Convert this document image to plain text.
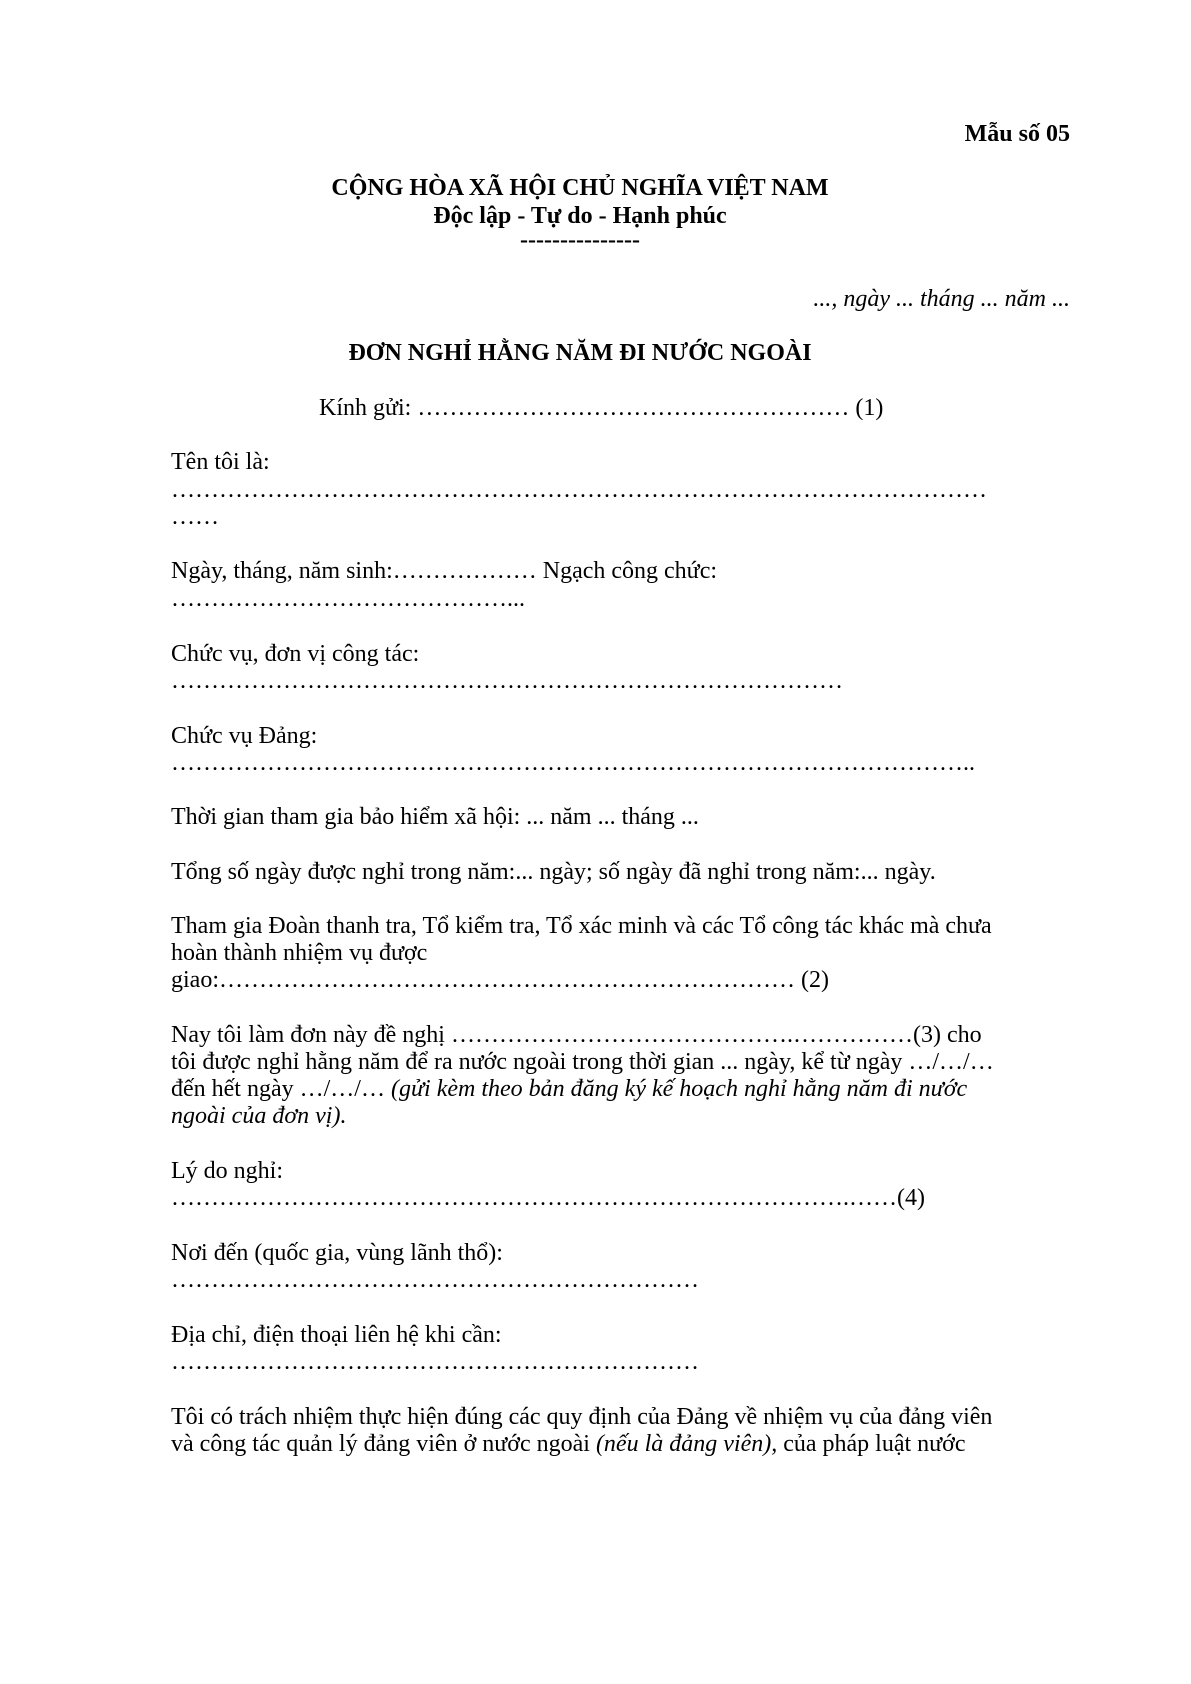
Mẫu số 05
CỘNG HÒA XÃ HỘI CHỦ NGHĨA VIỆT NAM
Độc lập - Tự do - Hạnh phúc
---------------
..., ngày ... tháng ... năm ...
ĐƠN NGHỈ HẰNG NĂM ĐI NƯỚC NGOÀI
Kính gửi: ……………………………………………… (1)
Tên tôi là:
…………………………………………………………………………………………
……
Ngày, tháng, năm sinh:……………… Ngạch công chức:
……………………………………...
Chức vụ, đơn vị công tác:
…………………………………………………………………………
Chức vụ Đảng:
………………………………………………………………………………………..
Thời gian tham gia bảo hiểm xã hội: ... năm ... tháng ...
Tổng số ngày được nghỉ trong năm:... ngày; số ngày đã nghỉ trong năm:... ngày.
Tham gia Đoàn thanh tra, Tổ kiểm tra, Tổ xác minh và các Tổ công tác khác mà chưa
hoàn thành nhiệm vụ được
giao:……………………………………………………………… (2)
Nay tôi làm đơn này đề nghị …………………………………….……………(3) cho
tôi được nghỉ hằng năm để ra nước ngoài trong thời gian ... ngày, kể từ ngày …/…/…
đến hết ngày …/…/… (gửi kèm theo bản đăng ký kế hoạch nghỉ hằng năm đi nước
ngoài của đơn vị).
Lý do nghỉ:
………………………………………………………………………….……(4)
Nơi đến (quốc gia, vùng lãnh thổ):
…………………………………………………………
Địa chỉ, điện thoại liên hệ khi cần:
…………………………………………………………
Tôi có trách nhiệm thực hiện đúng các quy định của Đảng về nhiệm vụ của đảng viên
và công tác quản lý đảng viên ở nước ngoài (nếu là đảng viên), của pháp luật nước
